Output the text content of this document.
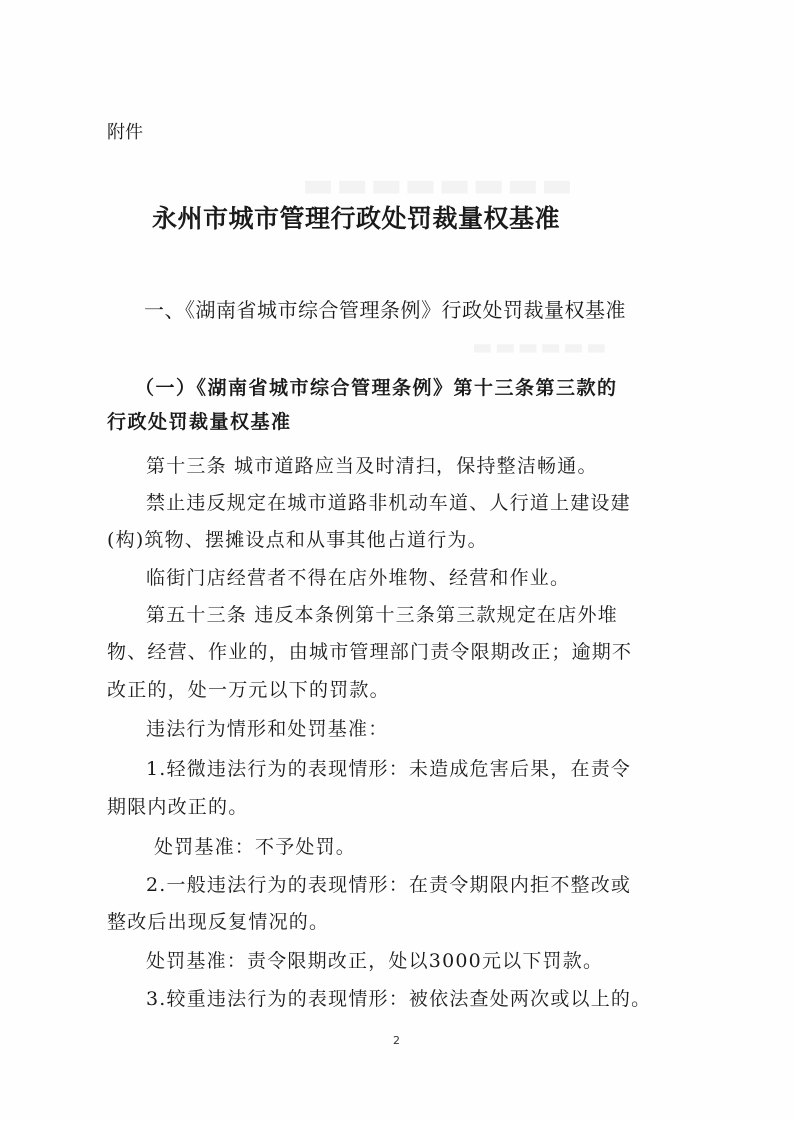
▬▬▬▬▬▬▬▬
▬▬▬▬▬▬
附件
永州市城市管理行政处罚裁量权基准
一、《湖南省城市综合管理条例》行政处罚裁量权基准
（一）《湖南省城市综合管理条例》第十三条第三款的
行政处罚裁量权基准
第十三条 城市道路应当及时清扫，保持整洁畅通。
禁止违反规定在城市道路非机动车道、人行道上建设建
(构)筑物、摆摊设点和从事其他占道行为。
临街门店经营者不得在店外堆物、经营和作业。
第五十三条 违反本条例第十三条第三款规定在店外堆
物、经营、作业的，由城市管理部门责令限期改正；逾期不
改正的，处一万元以下的罚款。
违法行为情形和处罚基准：
1.轻微违法行为的表现情形：未造成危害后果，在责令
期限内改正的。
处罚基准：不予处罚。
2.一般违法行为的表现情形：在责令期限内拒不整改或
整改后出现反复情况的。
处罚基准：责令限期改正，处以3000元以下罚款。
3.较重违法行为的表现情形：被依法查处两次或以上的。
2
